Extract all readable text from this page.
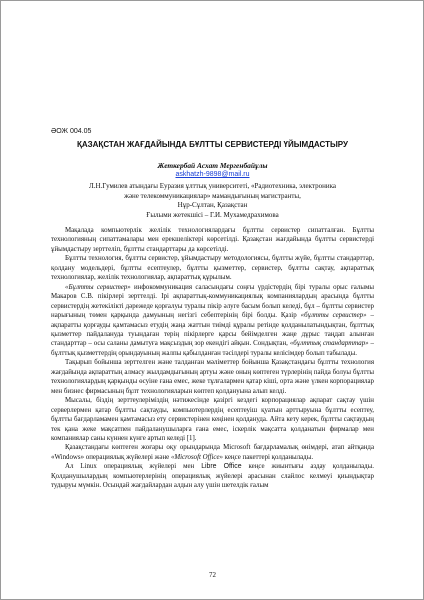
ӘОЖ 004.05
ҚАЗАҚСТАН ЖАҒДАЙЫНДА БҰЛТТЫ СЕРВИСТЕРДІ ҮЙЫМДАСТЫРУ
Жеткербай Асхат Мергенбайұлы
askhatzh-9898@mail.ru
Л.Н.Гумилев атындағы Еуразия ұлттық университеті, «Радиотехника, электроника
және телекоммуникациялар» мамандығының магистранты,
Нұр-Сұлтан, Қазақстан
Ғылыми жетекшісі – Г.И. Мухамедрахимова

Мақалада компьютерлік желілік технологиялардағы бұлтты сервистер сипатталған. Бұлтты технологияның сипаттамалары мен ерекшеліктері көрсетілді. Қазақстан жағдайында бұлтты сервистерді ұйымдастыру зерттеліп, бұлтты стандарттары да көрсетілді.

Бұлтты технология, бұлтты сервистер, ұйымдастыру методологиясы, бұлтты жүйе, бұлтты стандарттар, қолдану модельдері, бұлтты есептеулер, бұлтты қызметтер, сервистер, бұлтты сақтау, ақпараттық технологиялар, желілік технологиялар, ақпараттық құрылым.

«Бұлтты сервистер» инфокоммуникация саласындағы соңғы үрдістердің бірі туралы орыс ғалымы Макаров С.В. пікірлері зерттелді. Ірі ақпараттық-коммуникациялық компаниялардың арасында бұлтты сервистердің жетекілікті дәрежеде қорғалуы туралы пікір әлуге басым болып келеді, бұл – бұлтты сервистер нарығының төмен қарқында дамуының негізгі себептерінің бірі болды. Қазір «бұлтты сервистер» – ақпаратты қорғауды қамтамасыз етудің жаңа жаттын тиімді құралы ретінде қолданылатындықтан, бұлттық қызметтер пайдалануда туындаған терің пікірлерге қарсы бейімделген жаңе дұрыс таңдап алынған стандарттар – осы саланы дамытуға мақсыздың зор екендігі айқын. Сондықтан, «бұлттық стандарттар» – бұлттық қызметтердің орындауының жалпы қабылданған тәсілдері туралы келісімдер болып табылады.

Тақырып бойынша зерттелген және талданған мәліметтер бойынша Қазақстандағы бұлтты технология жағдайында ақпараттың алмасу жылдамдығының артуы және оның көптеген түрлерінің пайда болуы бұлтты технологиялардың қарқынды өсуіне ғана емес, жеке тұлғалармен қатар кіші, орта және үлкен корпорациялар мен бизнес фирмасының бұлт технологияларын көптеп қолдануына алып келді.

Мысалы, біздің зерттеулеріміздің нәтижесінде қазіргі кездегі корпорациялар ақпарат сақтау үшін серверлермен қатар бұлтты сақтауды, компьютерлердің есептеуіш қуатын арттыруына бұлтты есептеу, бұлтты бағдарламамен қамтамасыз ету сервистерінен кеңінен қолдануда. Айта кету керек, бұлтты сақтаудың тек қана жеке мақсатпен пайдаланушыларға ғана емес, іскерлік мақсатта қолданатын фирмалар мен компаниялар саны күннен күнге артып келеді [1].

Қазақстандағы көптеген жоғары оқу орындарында Microsoft бағдарламалық өнімдері, атап айтқанда «Windows» операциялық жүйелері және «Microsoft Office» кеңсе пакеттері қолданылады.

Ал Linux операциялық жүйелері мен Libre Office кеңсе жиынтығы аздау қолданылады. Қолданушылардың компьютерлерінің операциялық жүйелері арасынан слайлос келмеуі қиындықтар тудыруы мүмкін. Осындай жағдайлардан алдын алу үшін шетелдік ғалым

72
